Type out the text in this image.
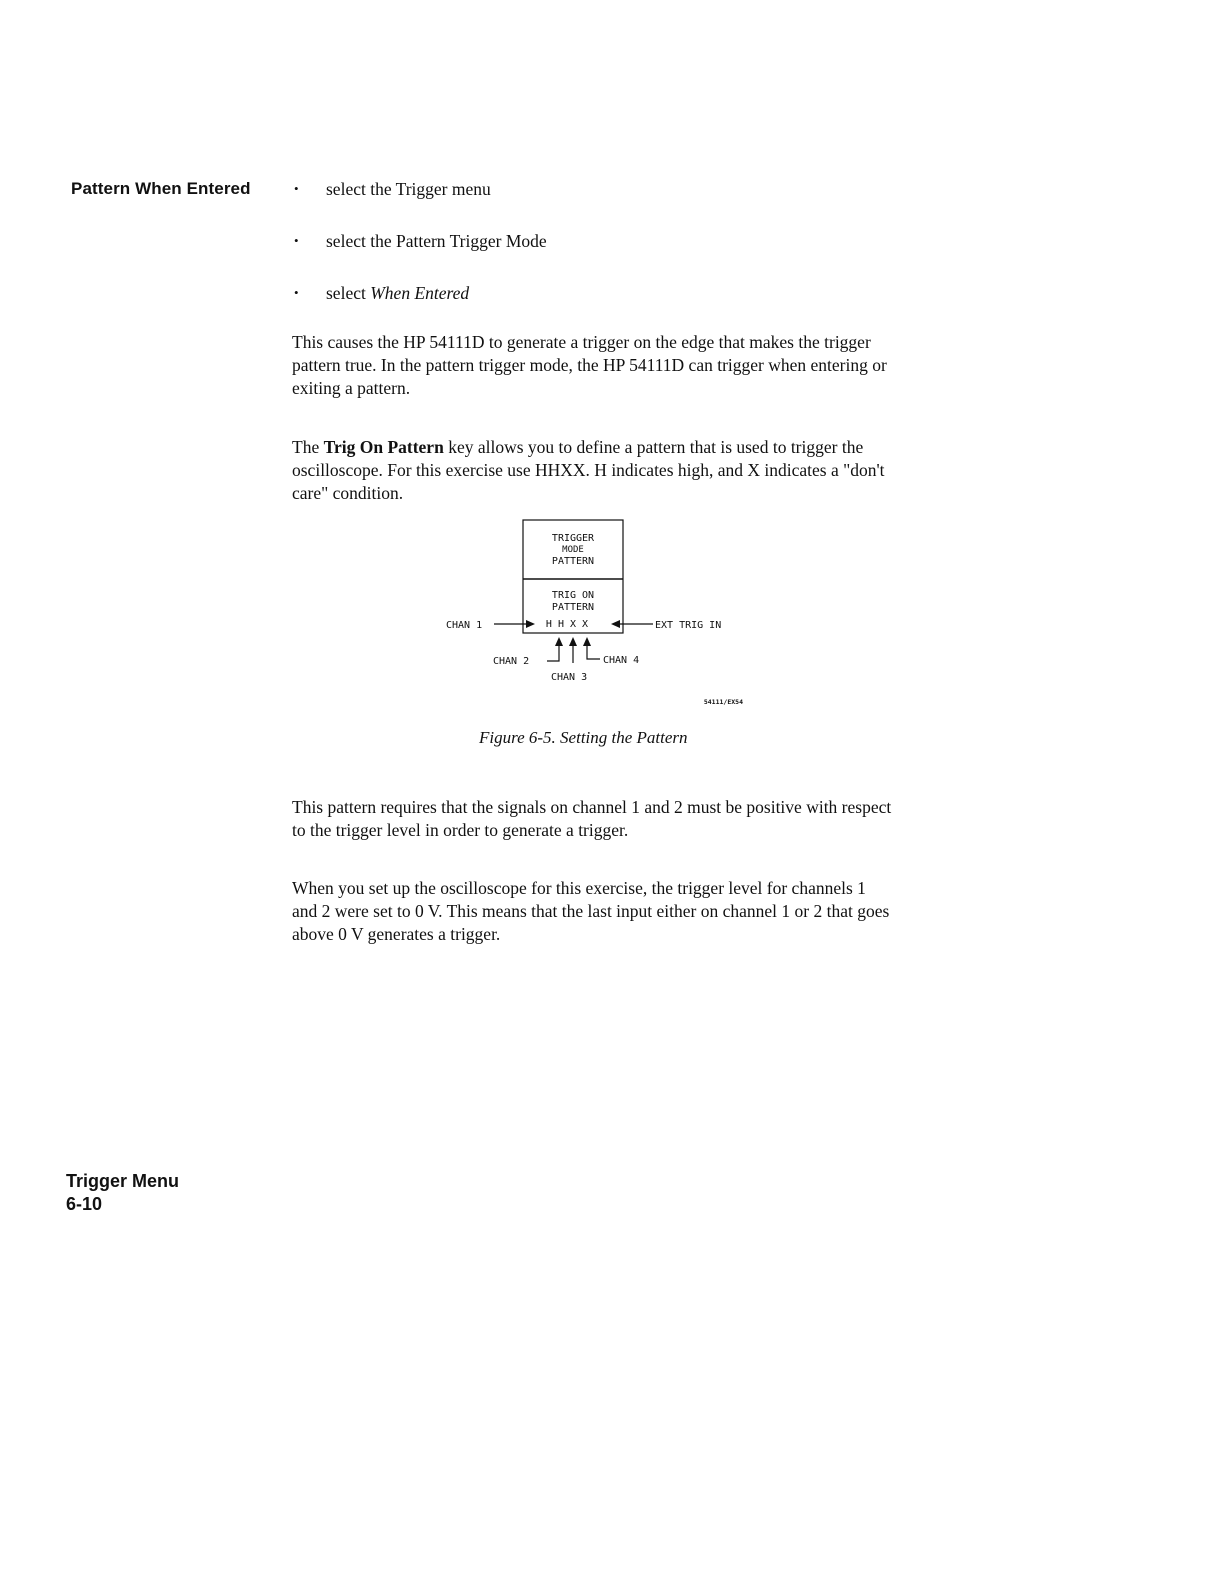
Pattern When Entered	• select the Trigger menu
• select the Pattern Trigger Mode
• select When Entered

This causes the HP 54111D to generate a trigger on the edge that makes the trigger pattern true. In the pattern trigger mode, the HP 54111D can trigger when entering or exiting a pattern.

The Trig On Pattern key allows you to define a pattern that is used to trigger the oscilloscope. For this exercise use HHXX. H indicates high, and X indicates a "don't care" condition.

TRIGGER
MODE
PATTERN
TRIG ON
PATTERN
H H X X
CHAN 1	EXT TRIG IN
CHAN 2	CHAN 4
CHAN 3
54111/EX54
Figure 6-5. Setting the Pattern

This pattern requires that the signals on channel 1 and 2 must be positive with respect to the trigger level in order to generate a trigger.

When you set up the oscilloscope for this exercise, the trigger level for channels 1 and 2 were set to 0 V. This means that the last input either on channel 1 or 2 that goes above 0 V generates a trigger.

Trigger Menu
6-10
